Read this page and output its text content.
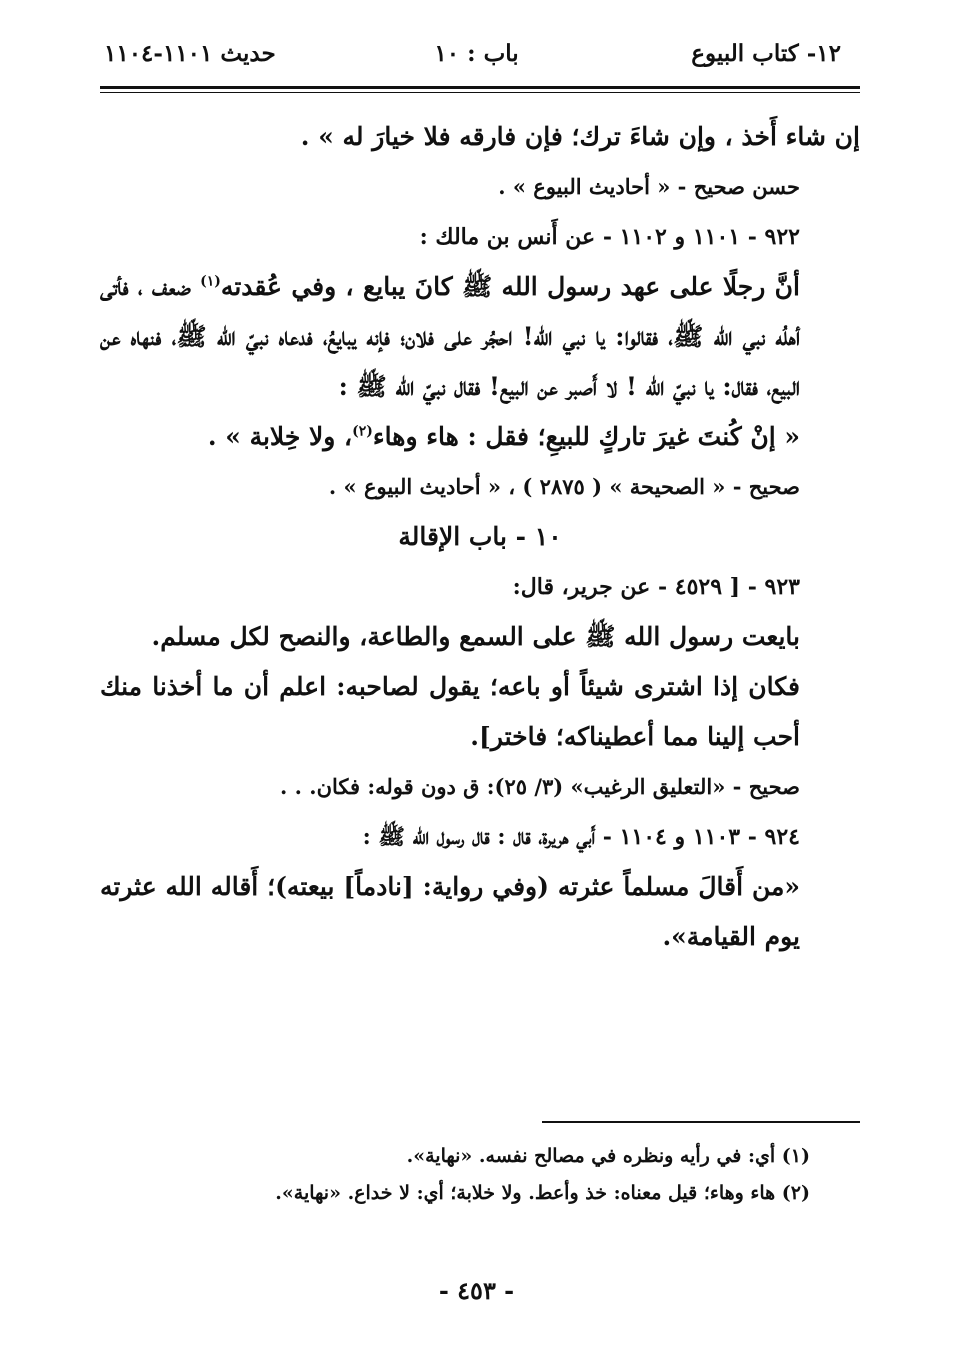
١٢- كتاب البيوع
باب : ١٠
حديث ١١٠١-١١٠٤

إن شاء أَخذ ، وإن شاءَ ترك؛ فإن فارقه فلا خيارَ له » .

حسن صحيح - « أحاديث البيوع » .

٩٢٢ - ١١٠١ و ١١٠٢ - عن أَنس بن مالك :

أنَّ رجلًا على عهد رسول الله ﷺ كانَ يبايع ، وفي عُقدته$^{(١)}$ ضعف ، فأتى أهلُه نبي الله ﷺ، فقالوا: يا نبي الله! احجُر على فلان؛ فإنه يبايعُ، فدعاه نبيّ الله ﷺ، فنهاه عن البيع، فقال: يا نبيّ الله ! لا أَصبر عن البيع! فقال نبيّ الله ﷺ :

« إنْ كُنتَ غيرَ تاركٍ للبيعِ؛ فقل : هاء وهاء$^{(٢)}$، ولا خِلابة » .

صحيح - « الصحيحة » ( ٢٨٧٥ ) ، « أحاديث البيوع » .

١٠ - باب الإقالة

٩٢٣ - [ ٤٥٢٩ - عن جرير، قال:

بايعت رسول الله ﷺ على السمع والطاعة، والنصح لكل مسلم.

فكان إذا اشترى شيئاً أو باعه؛ يقول لصاحبه: اعلم أن ما أخذنا منك أحب إلينا مما أعطيناكه؛ فاختر].

صحيح - «التعليق الرغيب» (٣/ ٢٥): ق دون قوله: فكان. . .

٩٢٤ - ١١٠٣ و ١١٠٤ - أَبي هريرة، قال : قال رسول الله ﷺ :

«من أَقالَ مسلماً عثرته (وفي رواية: [نادماً] بيعته)؛ أَقاله الله عثرته يوم القيامة».

(١) أي: في رأيه ونظره في مصالح نفسه. «نهاية».

(٢) هاء وهاء؛ قيل معناه: خذ وأعط. ولا خلابة؛ أي: لا خداع. «نهاية».

- ٤٥٣ -
